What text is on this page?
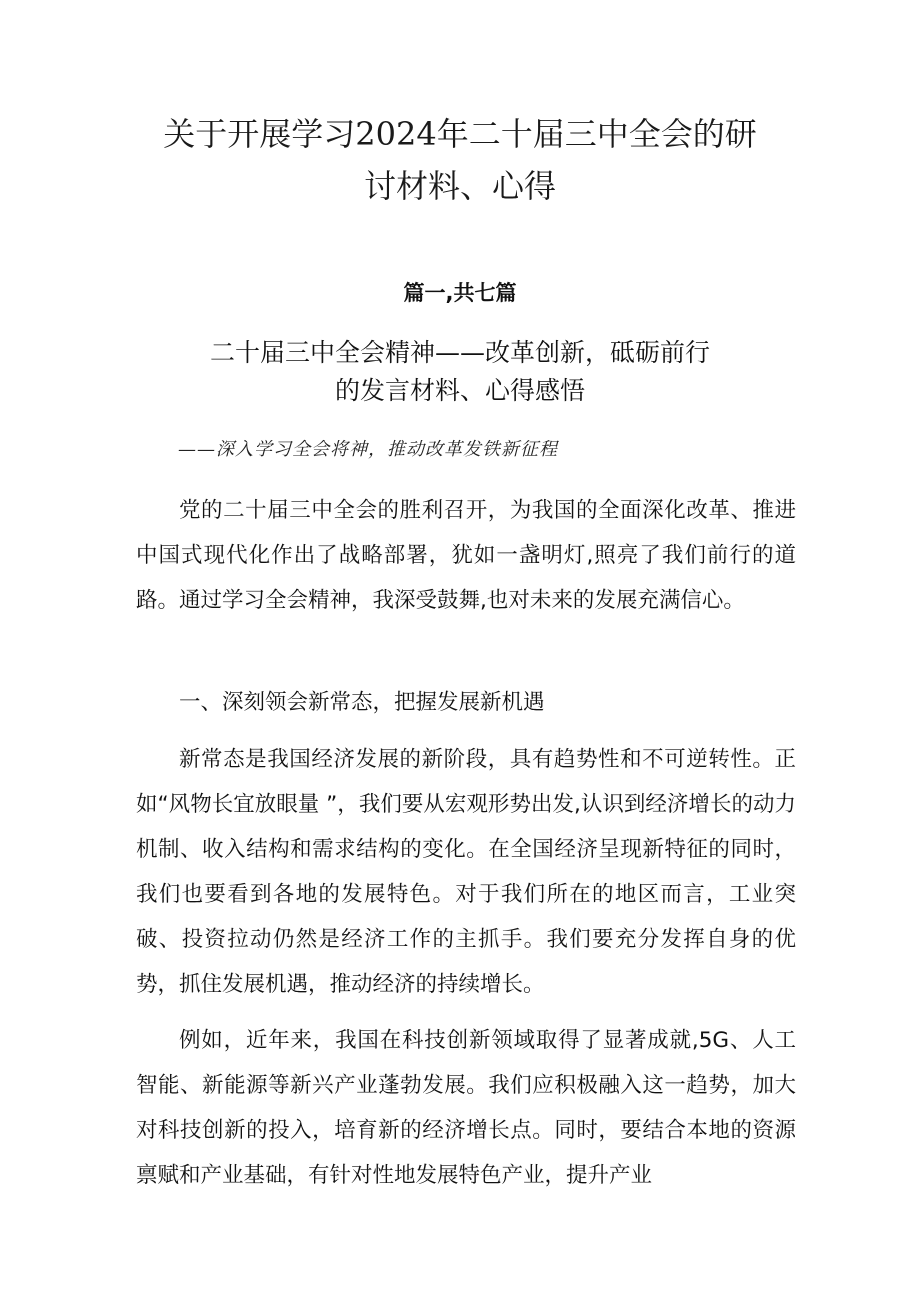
关于开展学习2024年二十届三中全会的研
讨材料、心得

篇一,共七篇

二十届三中全会精神——改革创新，砥砺前行
的发言材料、心得感悟

——深入学习全会将神，推动改革发铁新征程

党的二十届三中全会的胜利召开，为我国的全面深化改革、推进中国式现代化作出了战略部署，犹如一盏明灯,照亮了我们前行的道路。通过学习全会精神，我深受鼓舞,也对未来的发展充满信心。

一、深刻领会新常态，把握发展新机遇

新常态是我国经济发展的新阶段，具有趋势性和不可逆转性。正如“风物长宜放眼量 ”，我们要从宏观形势出发,认识到经济增长的动力机制、收入结构和需求结构的变化。在全国经济呈现新特征的同时，我们也要看到各地的发展特色。对于我们所在的地区而言，工业突破、投资拉动仍然是经济工作的主抓手。我们要充分发挥自身的优势，抓住发展机遇，推动经济的持续增长。

例如，近年来，我国在科技创新领域取得了显著成就,5G、人工智能、新能源等新兴产业蓬勃发展。我们应积极融入这一趋势，加大对科技创新的投入，培育新的经济增长点。同时，要结合本地的资源禀赋和产业基础，有针对性地发展特色产业，提升产业
